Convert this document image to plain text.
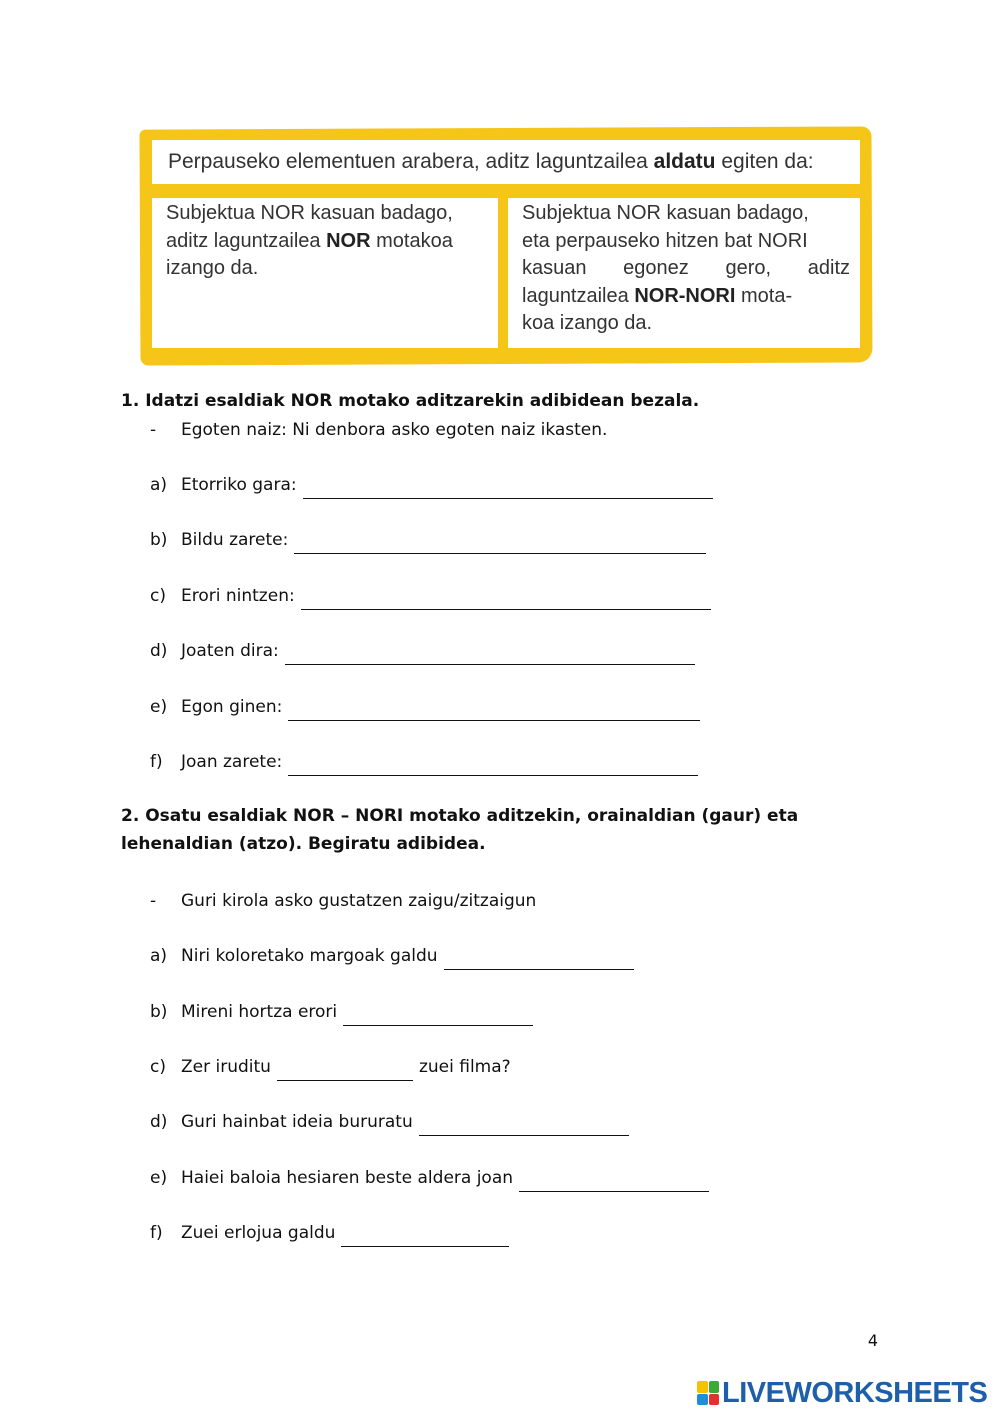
Perpauseko elementuen arabera, aditz laguntzailea aldatu egiten da:
Subjektua NOR kasuan badago,
aditz laguntzailea NOR motakoa
izango da.
Subjektua NOR kasuan badago,
eta perpauseko hitzen bat NORI
kasuan egonez gero, aditz
laguntzailea NOR-NORI mota-
koa izango da.
1. Idatzi esaldiak NOR motako aditzarekin adibidean bezala.
-	Egoten naiz: Ni denbora asko egoten naiz ikasten.
a) Etorriko gara:
b) Bildu zarete:
c) Erori nintzen:
d) Joaten dira:
e) Egon ginen:
f)	Joan zarete:
2. Osatu esaldiak NOR – NORI motako aditzekin, orainaldian (gaur) eta lehenaldian (atzo). Begiratu adibidea.
-	Guri kirola asko gustatzen zaigu/zitzaigun
a) Niri koloretako margoak galdu
b) Mireni hortza erori
c) Zer iruditu	zuei filma?
d) Guri hainbat ideia bururatu
e) Haiei baloia hesiaren beste aldera joan
f)	Zuei erlojua galdu
4
LIVEWORKSHEETS
